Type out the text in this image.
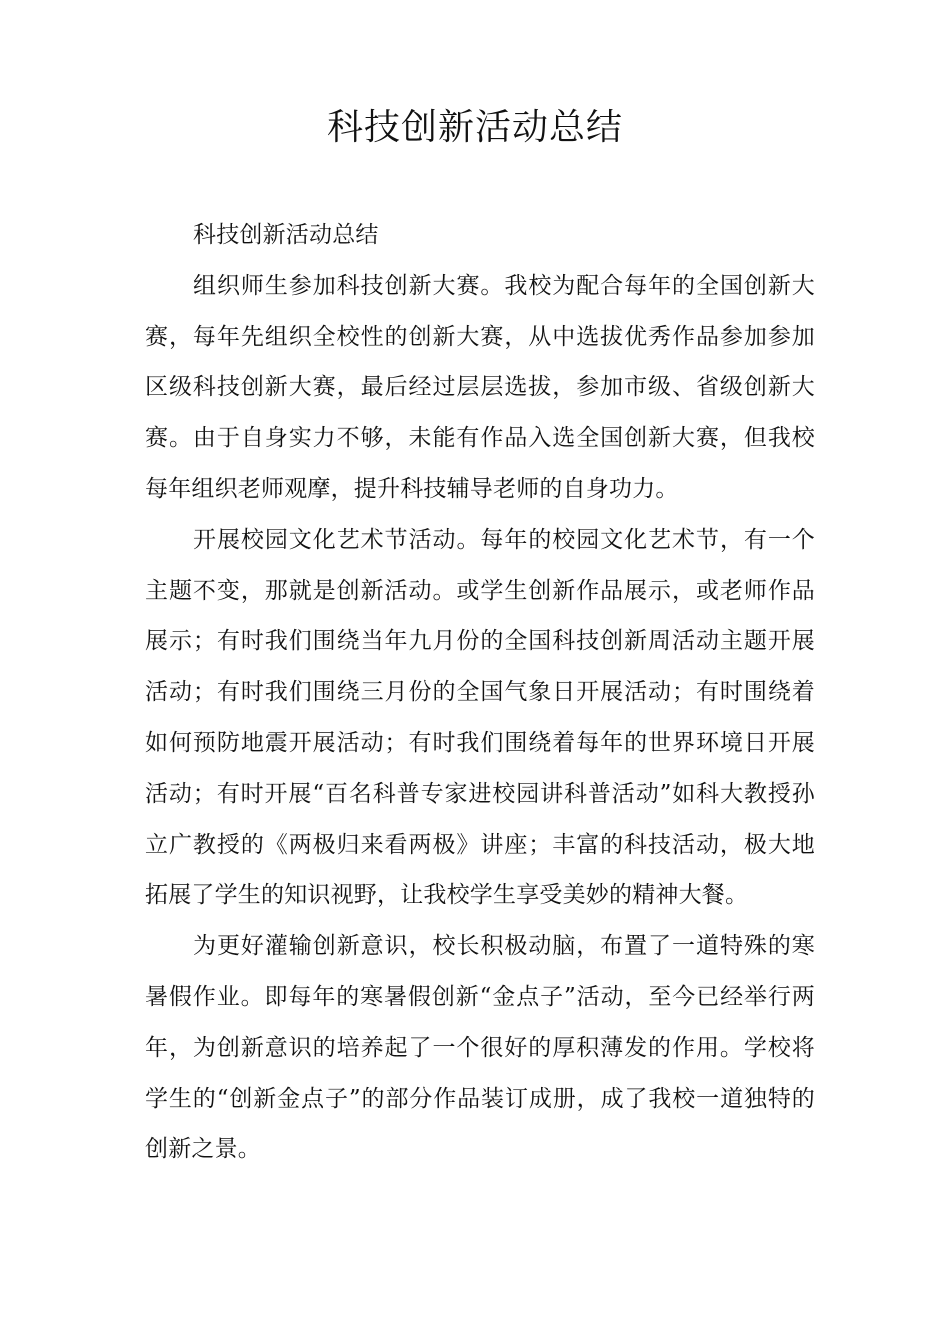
科技创新活动总结

科技创新活动总结

组织师生参加科技创新大赛。我校为配合每年的全国创新大赛，每年先组织全校性的创新大赛，从中选拔优秀作品参加参加区级科技创新大赛，最后经过层层选拔，参加市级、省级创新大赛。由于自身实力不够，未能有作品入选全国创新大赛，但我校每年组织老师观摩，提升科技辅导老师的自身功力。

开展校园文化艺术节活动。每年的校园文化艺术节，有一个主题不变，那就是创新活动。或学生创新作品展示，或老师作品展示；有时我们围绕当年九月份的全国科技创新周活动主题开展活动；有时我们围绕三月份的全国气象日开展活动；有时围绕着如何预防地震开展活动；有时我们围绕着每年的世界环境日开展活动；有时开展“百名科普专家进校园讲科普活动”如科大教授孙立广教授的《两极归来看两极》讲座；丰富的科技活动，极大地拓展了学生的知识视野，让我校学生享受美妙的精神大餐。

为更好灌输创新意识，校长积极动脑，布置了一道特殊的寒暑假作业。即每年的寒暑假创新“金点子”活动，至今已经举行两年，为创新意识的培养起了一个很好的厚积薄发的作用。学校将学生的“创新金点子”的部分作品装订成册，成了我校一道独特的创新之景。
